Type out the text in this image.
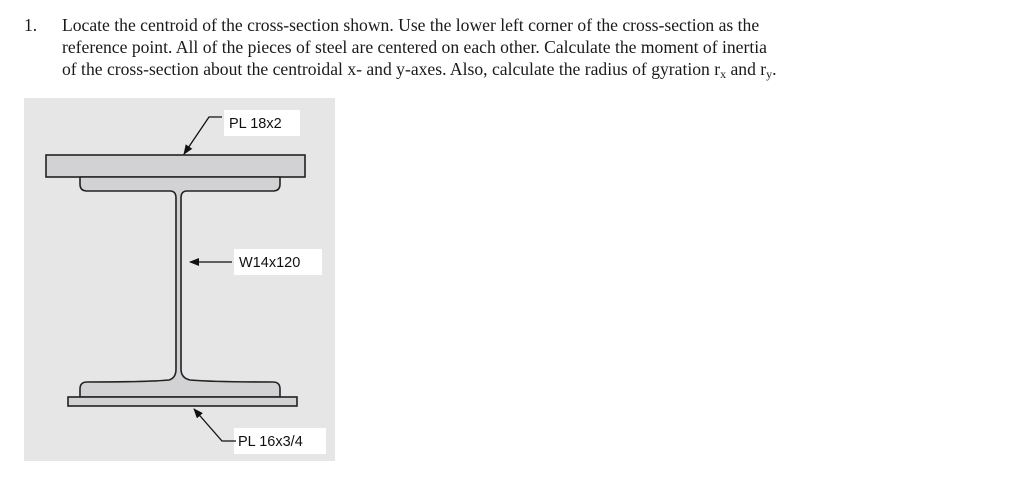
1. Locate the centroid of the cross-section shown. Use the lower left corner of the cross-section as the
reference point. All of the pieces of steel are centered on each other. Calculate the moment of inertia
of the cross-section about the centroidal x- and y-axes. Also, calculate the radius of gyration rx and ry.
PL 18x2
W14x120
PL 16x3/4
